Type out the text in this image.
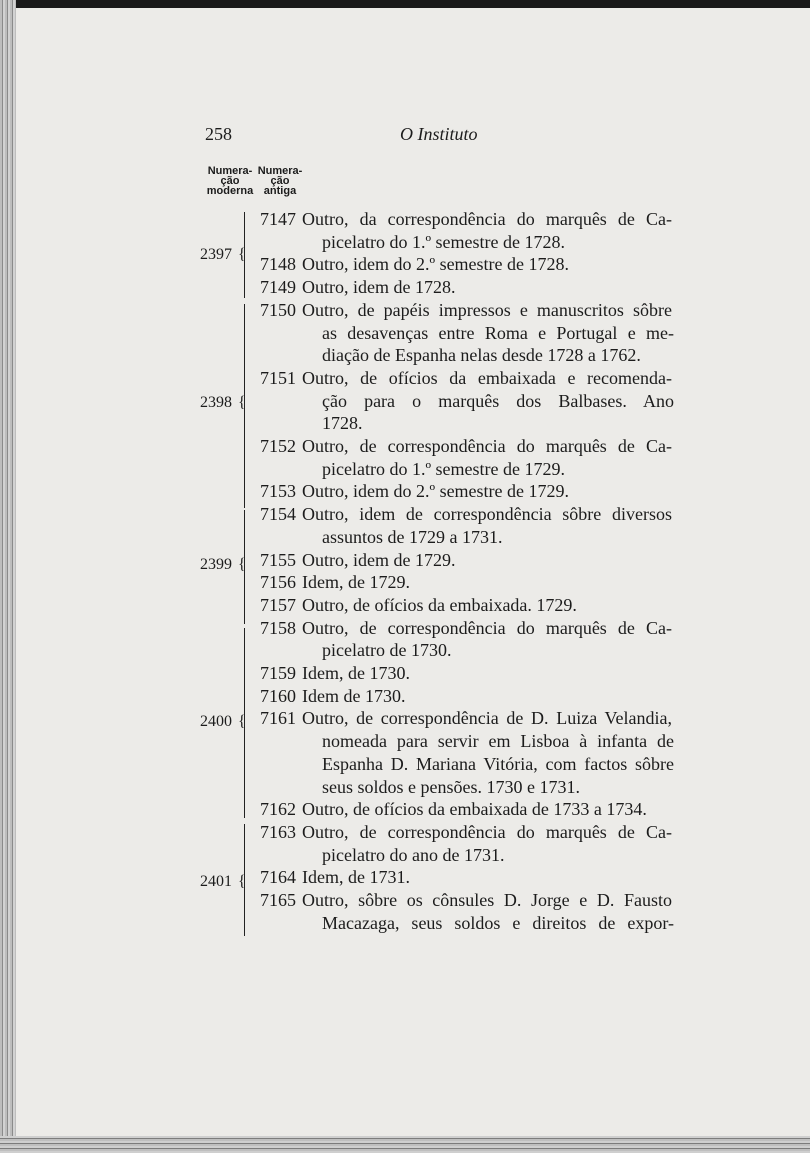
258	O Instituto
Numera-
ção
moderna
Numera-
ção
antiga
2397
2398
2399
2400
2401
{
{
{
{
{
7147 Outro, da correspondência do marquês de Ca-
picelatro do 1.º semestre de 1728.
7148 Outro, idem do 2.º semestre de 1728.
7149 Outro, idem de 1728.
7150 Outro, de papéis impressos e manuscritos sôbre
as desavenças entre Roma e Portugal e me-
diação de Espanha nelas desde 1728 a 1762.
7151 Outro, de ofícios da embaixada e recomenda-
ção para o marquês dos Balbases. Ano
1728.
7152 Outro, de correspondência do marquês de Ca-
picelatro do 1.º semestre de 1729.
7153 Outro, idem do 2.º semestre de 1729.
7154 Outro, idem de correspondência sôbre diversos
assuntos de 1729 a 1731.
7155 Outro, idem de 1729.
7156 Idem, de 1729.
7157 Outro, de ofícios da embaixada. 1729.
7158 Outro, de correspondência do marquês de Ca-
picelatro de 1730.
7159 Idem, de 1730.
7160 Idem de 1730.
7161 Outro, de correspondência de D. Luiza Velandia,
nomeada para servir em Lisboa à infanta de
Espanha D. Mariana Vitória, com factos sôbre
seus soldos e pensões. 1730 e 1731.
7162 Outro, de ofícios da embaixada de 1733 a 1734.
7163 Outro, de correspondência do marquês de Ca-
picelatro do ano de 1731.
7164 Idem, de 1731.
7165 Outro, sôbre os cônsules D. Jorge e D. Fausto
Macazaga, seus soldos e direitos de expor-
